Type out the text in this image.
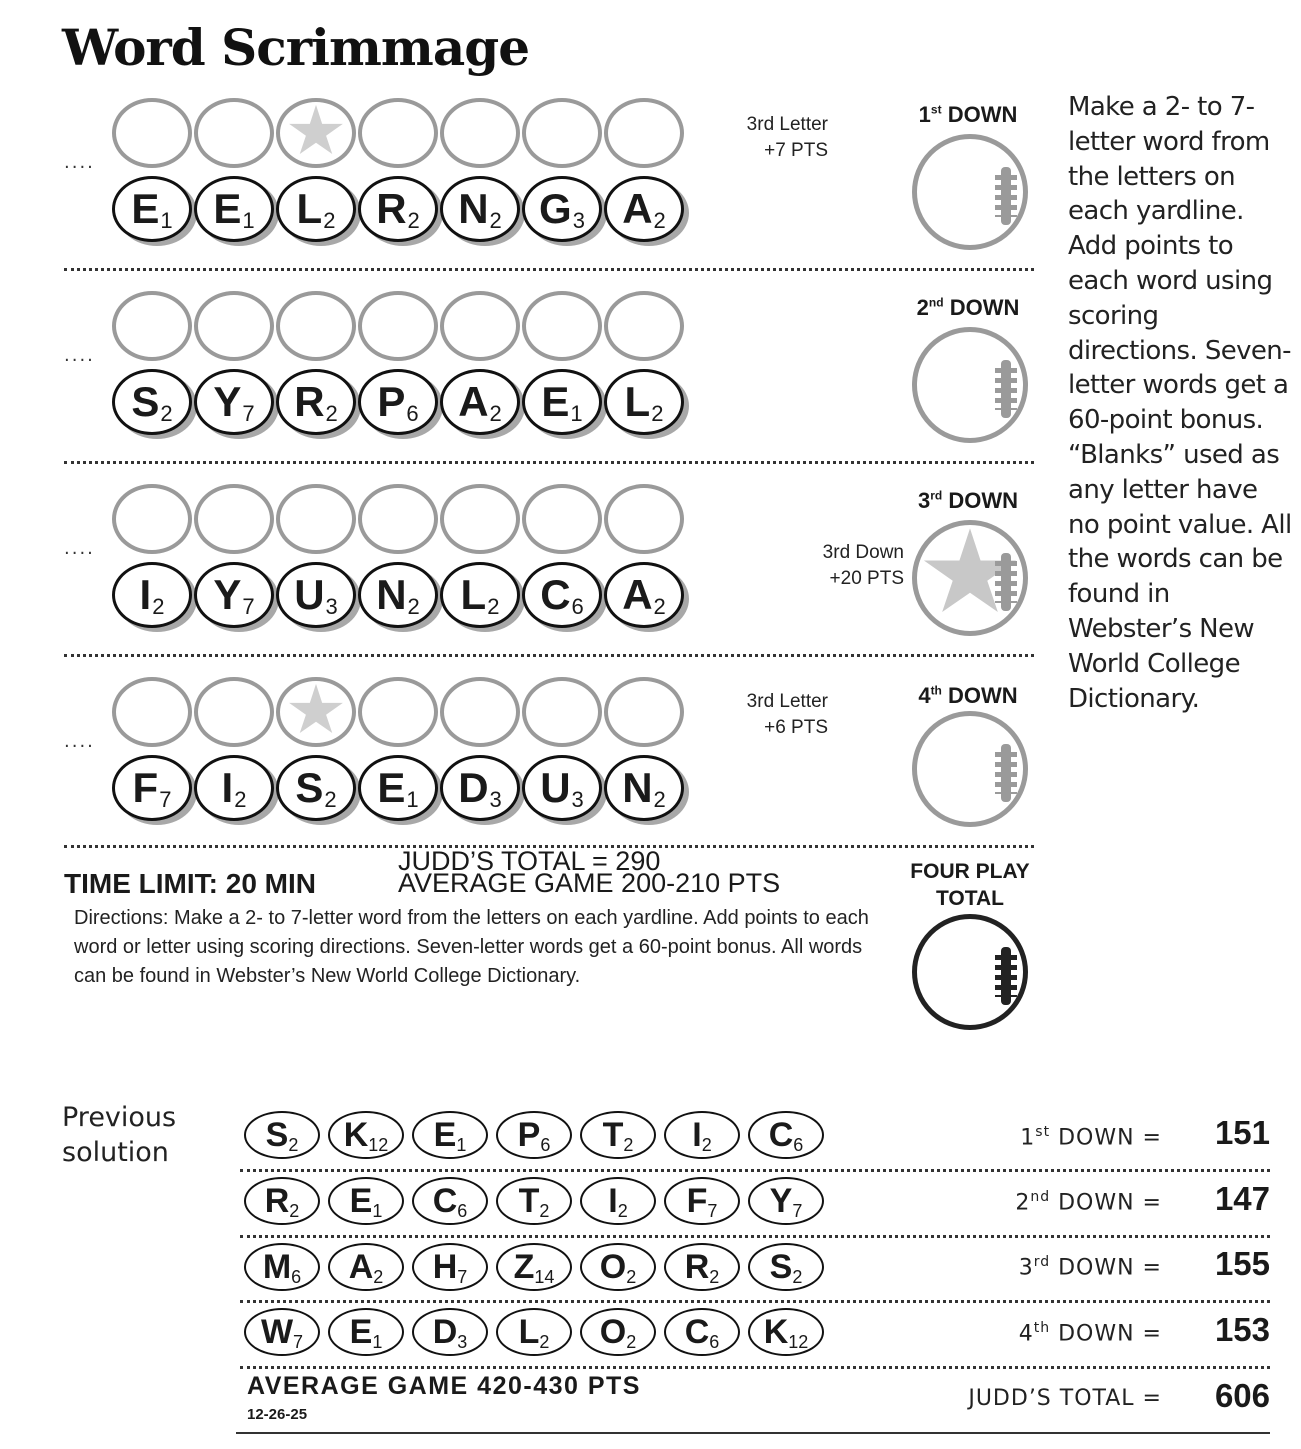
Word Scrimmage
....
E 1 E 1 L 2 R 2 N 2 G 3 A 2
3rd Letter
+7 PTS
1st DOWN
....
S 2 Y 7 R 2 P 6 A 2 E 1 L 2
2nd DOWN
....
I 2 Y 7 U 3 N 2 L 2 C 6 A 2
3rd Down
+20 PTS
3rd DOWN
....
F 7 I 2 S 2 E 1 D 3 U 3 N 2
3rd Letter
+6 PTS
4th DOWN
Make a 2- to 7-letter word from the letters on each yardline. Add points to each word using scoring directions. Seven-letter words get a 60-point bonus. “Blanks” used as any letter have no point value. All the words can be found in Webster’s New World College Dictionary.
TIME LIMIT: 20 MIN
JUDD’S TOTAL = 290
AVERAGE GAME 200-210 PTS
Directions: Make a 2- to 7-letter word from the letters on each yardline. Add points to each word or letter using scoring directions. Seven-letter words get a 60-point bonus. All words can be found in Webster’s New World College Dictionary.
FOUR PLAY
TOTAL
Previous
solution	S 2 K 12 E 1 P 6 T 2 I 2 C 6	1st DOWN =	151
R 2 E 1 C 6 T 2 I 2 F 7 Y 7	2nd DOWN =	147
M 6 A 2 H 7 Z 14 O 2 R 2 S 2	3rd DOWN =	155
W 7 E 1 D 3 L 2 O 2 C 6 K 12	4th DOWN =	153
AVERAGE GAME 420-430 PTS
12-26-25
JUDD’S TOTAL =	606
